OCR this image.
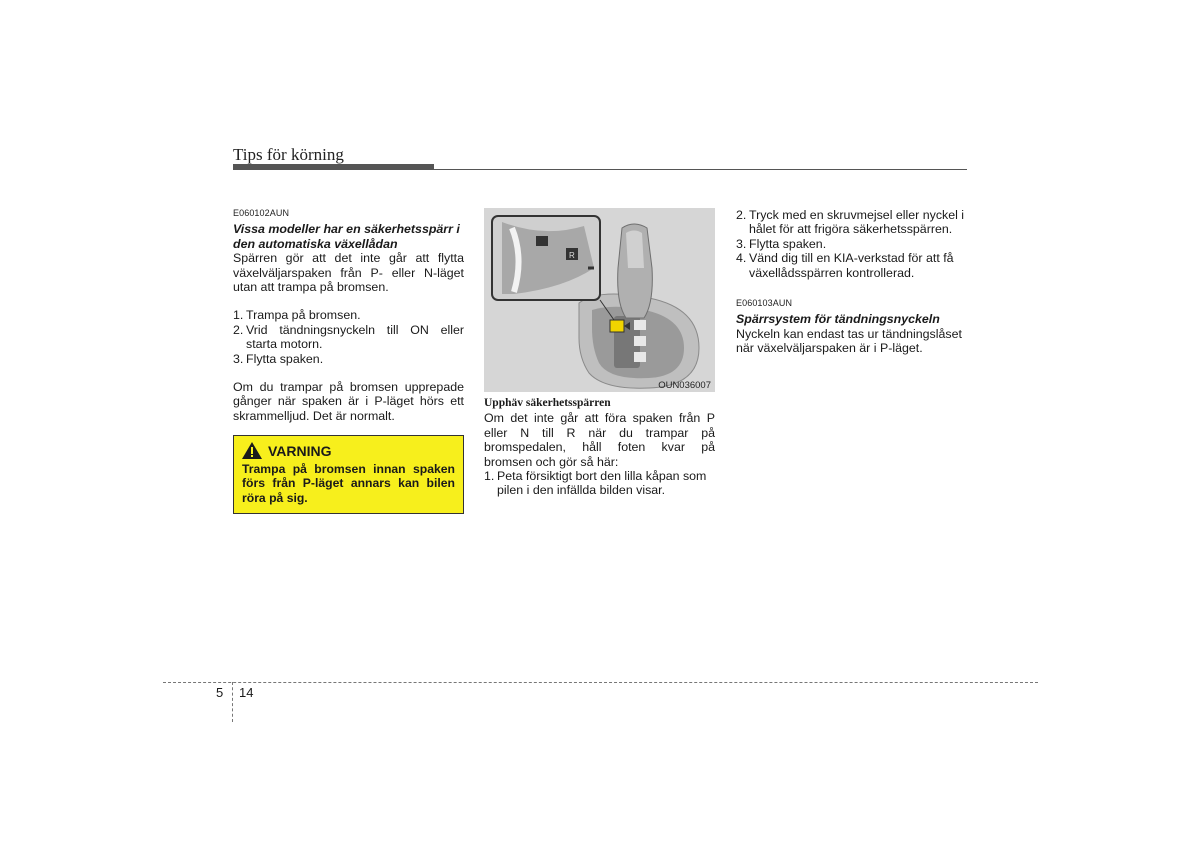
Tips för körning
E060102AUN
Vissa modeller har en säkerhetsspärr i den automatiska växellådan
Spärren gör att det inte går att flytta växelväljarspaken från P- eller N-läget utan att trampa på bromsen.
1. Trampa på bromsen.
2. Vrid tändningsnyckeln till ON eller starta motorn.
3. Flytta spaken.
Om du trampar på bromsen upprepade gånger när spaken är i P-läget hörs ett skrammelljud. Det är normalt.
VARNING
Trampa på bromsen innan spaken förs från P-läget annars kan bilen röra på sig.
R
OUN036007
Upphäv säkerhetsspärren
Om det inte går att föra spaken från P eller N till R när du trampar på bromspedalen, håll foten kvar på bromsen och gör så här:
1. Peta försiktigt bort den lilla kåpan som pilen i den infällda bilden visar.
2. Tryck med en skruvmejsel eller nyckel i hålet för att frigöra säkerhetsspärren.
3. Flytta spaken.
4. Vänd dig till en KIA-verkstad för att få växellådsspärren kontrollerad.
E060103AUN
Spärrsystem för tändningsnyckeln
Nyckeln kan endast tas ur tändningslåset när växelväljarspaken är i P-läget.
5 14
